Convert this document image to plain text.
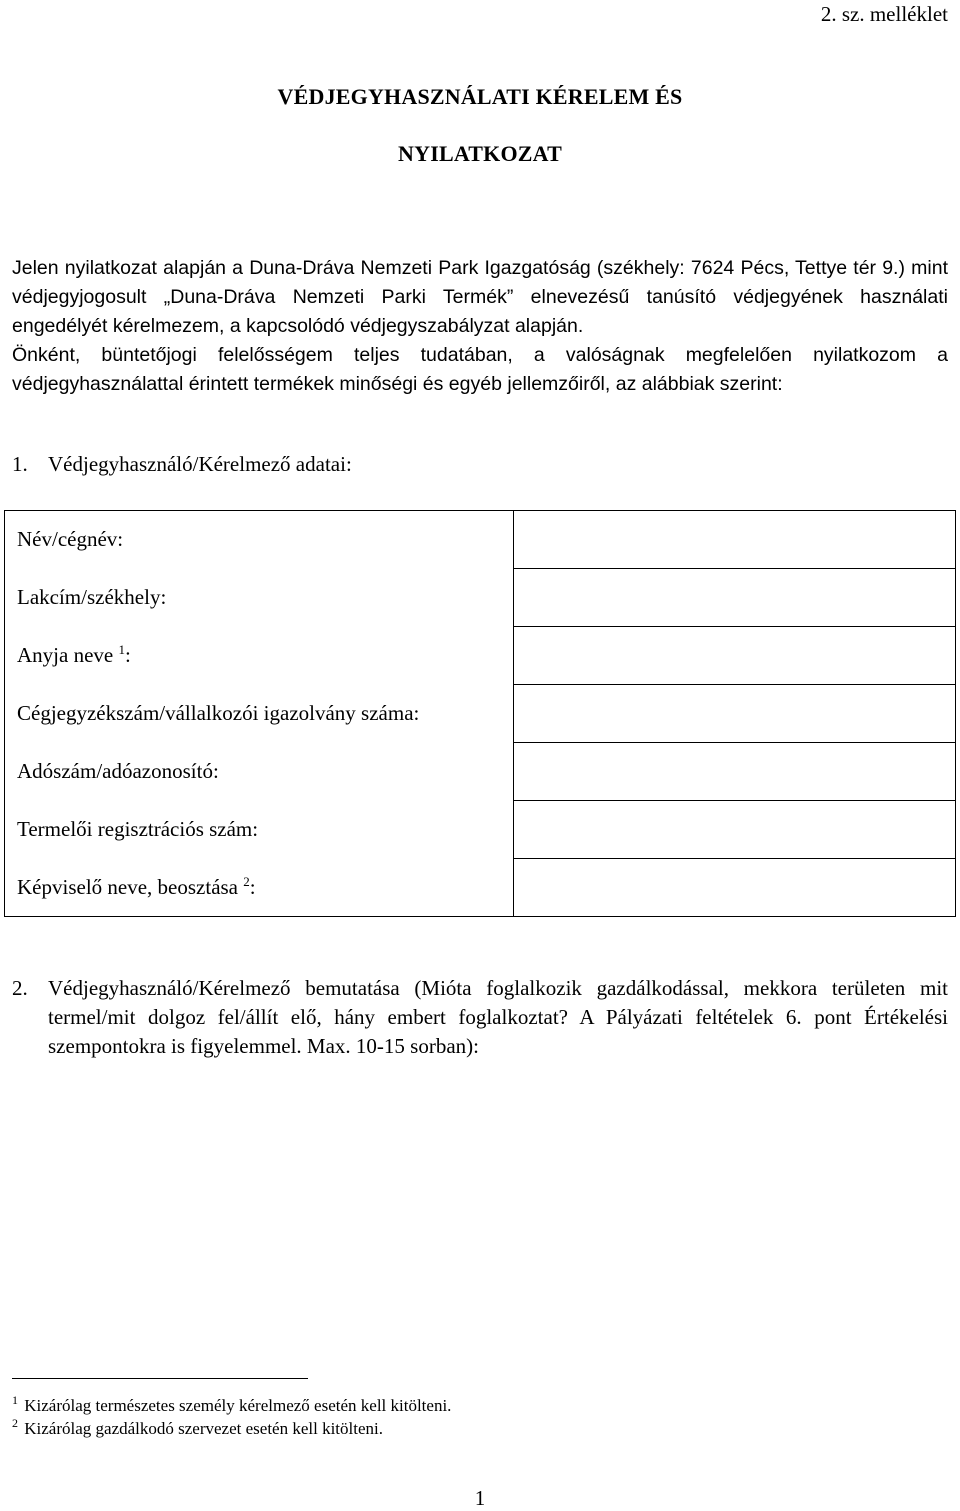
2. sz. melléklet
VÉDJEGYHASZNÁLATI KÉRELEM ÉS
NYILATKOZAT

Jelen nyilatkozat alapján a Duna-Dráva Nemzeti Park Igazgatóság (székhely: 7624 Pécs, Tettye tér 9.) mint védjegyjogosult „Duna-Dráva Nemzeti Parki Termék” elnevezésű tanúsító védjegyének használati engedélyét kérelmezem, a kapcsolódó védjegyszabályzat alapján.

Önként, büntetőjogi felelősségem teljes tudatában, a valóságnak megfelelően nyilatkozom a védjegyhasználattal érintett termékek minőségi és egyéb jellemzőiről, az alábbiak szerint:

1. Védjegyhasználó/Kérelmező adatai:
Név/cégnév:	
Lakcím/székhely:	
Anyja neve $^1$:	
Cégjegyzékszám/vállalkozói igazolvány száma:	
Adószám/adóazonosító:	
Termelői regisztrációs szám:	
Képviselő neve, beosztása $^2$:	
2. Védjegyhasználó/Kérelmező bemutatása (Mióta foglalkozik gazdálkodással, mekkora területen mit termel/mit dolgoz fel/állít elő, hány embert foglalkoztat? A Pályázati feltételek 6. pont Értékelési szempontokra is figyelemmel. Max. 10-15 sorban):
$^1$ Kizárólag természetes személy kérelmező esetén kell kitölteni.
$^2$ Kizárólag gazdálkodó szervezet esetén kell kitölteni.
1
